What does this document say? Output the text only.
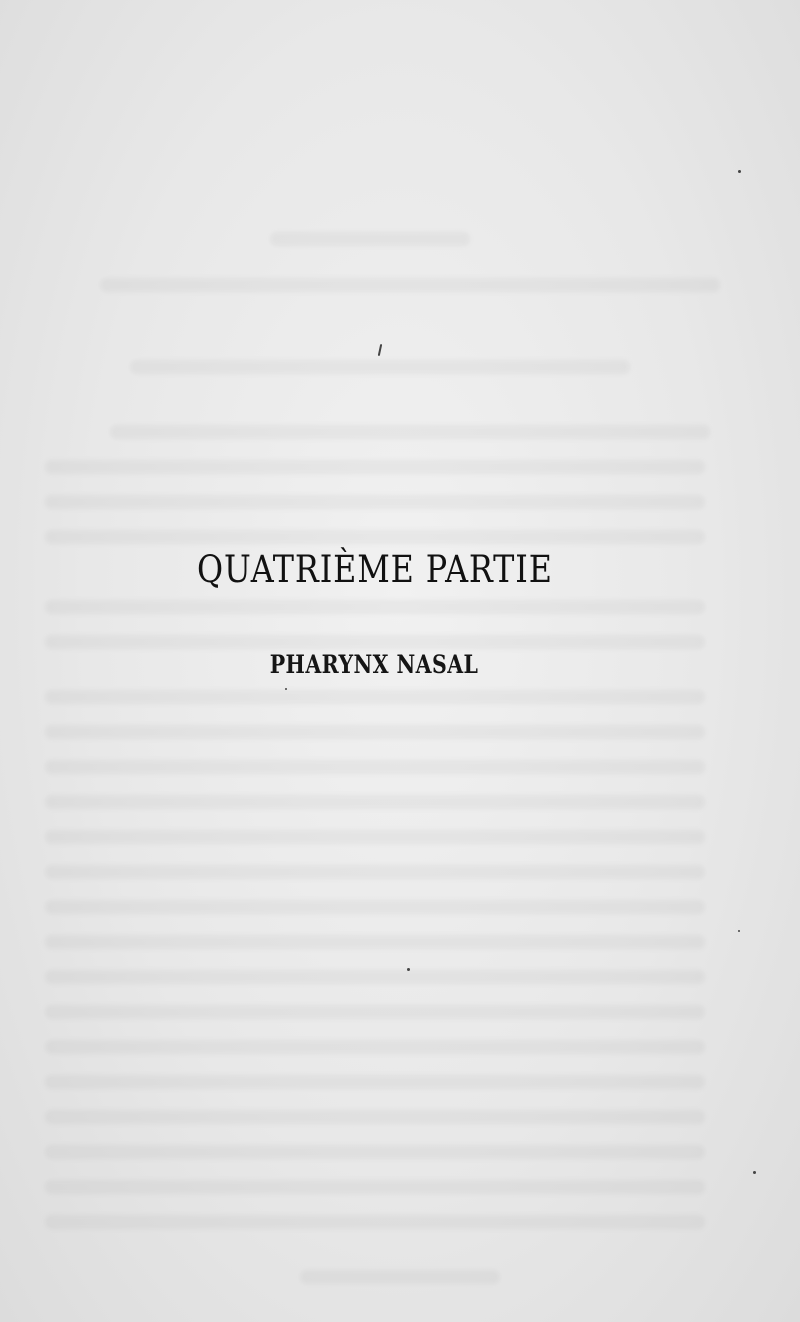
QUATRIÈME PARTIE
PHARYNX NASAL
